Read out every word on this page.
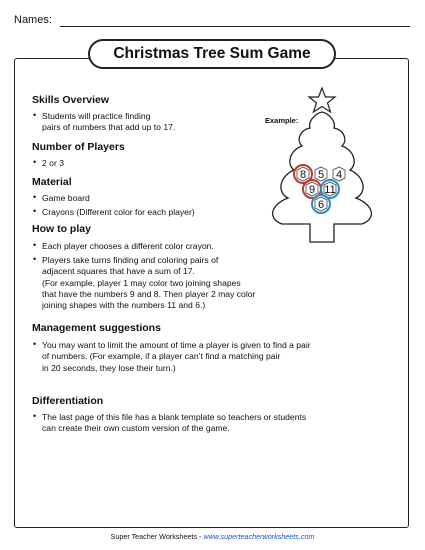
Names:
Christmas Tree Sum Game
Skills Overview
• Students will practice finding
pairs of numbers that add up to 17.
Number of Players
• 2 or 3
Material
• Game board
• Crayons (Different color for each player)
How to play
• Each player chooses a different color crayon.
• Players take turns finding and coloring pairs of
adjacent squares that have a sum of 17.
(For example, player 1 may color two joining shapes
that have the numbers 9 and 8. Then player 2 may color
joining shapes with the numbers 11 and 6.)
Management suggestions
• You may want to limit the amount of time a player is given to find a pair
of numbers. (For example, if a player can’t find a matching pair
in 20 seconds, they lose their turn.)
Differentiation
• The last page of this file has a blank template so teachers or students
can create their own custom version of the game.
Example:
8 5 4
9 11
6
Super Teacher Worksheets - www.superteacherworksheets.com
